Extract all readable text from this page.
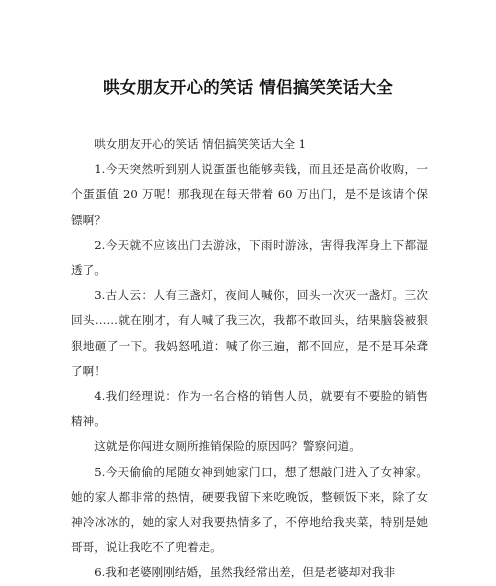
哄女朋友开心的笑话 情侣搞笑笑话大全

哄女朋友开心的笑话 情侣搞笑笑话大全 1

1.今天突然听到别人说蛋蛋也能够卖钱，而且还是高价收购，一个蛋蛋值 20 万呢！那我现在每天带着 60 万出门，是不是该请个保镖啊？

2.今天就不应该出门去游泳，下雨时游泳，害得我浑身上下都湿透了。

3.古人云：人有三盏灯，夜间人喊你，回头一次灭一盏灯。三次回头……就在刚才，有人喊了我三次，我都不敢回头，结果脑袋被狠狠地砸了一下。我妈怒吼道：喊了你三遍，都不回应，是不是耳朵聋了啊！

4.我们经理说：作为一名合格的销售人员，就要有不要脸的销售精神。

这就是你闯进女厕所推销保险的原因吗？警察问道。

5.今天偷偷的尾随女神到她家门口，想了想敲门进入了女神家。她的家人都非常的热情，硬要我留下来吃晚饭，整顿饭下来，除了女神冷冰冰的，她的家人对我要热情多了，不停地给我夹菜，特别是她哥哥，说让我吃不了兜着走。

6.我和老婆刚刚结婚，虽然我经常出差，但是老婆却对我非
